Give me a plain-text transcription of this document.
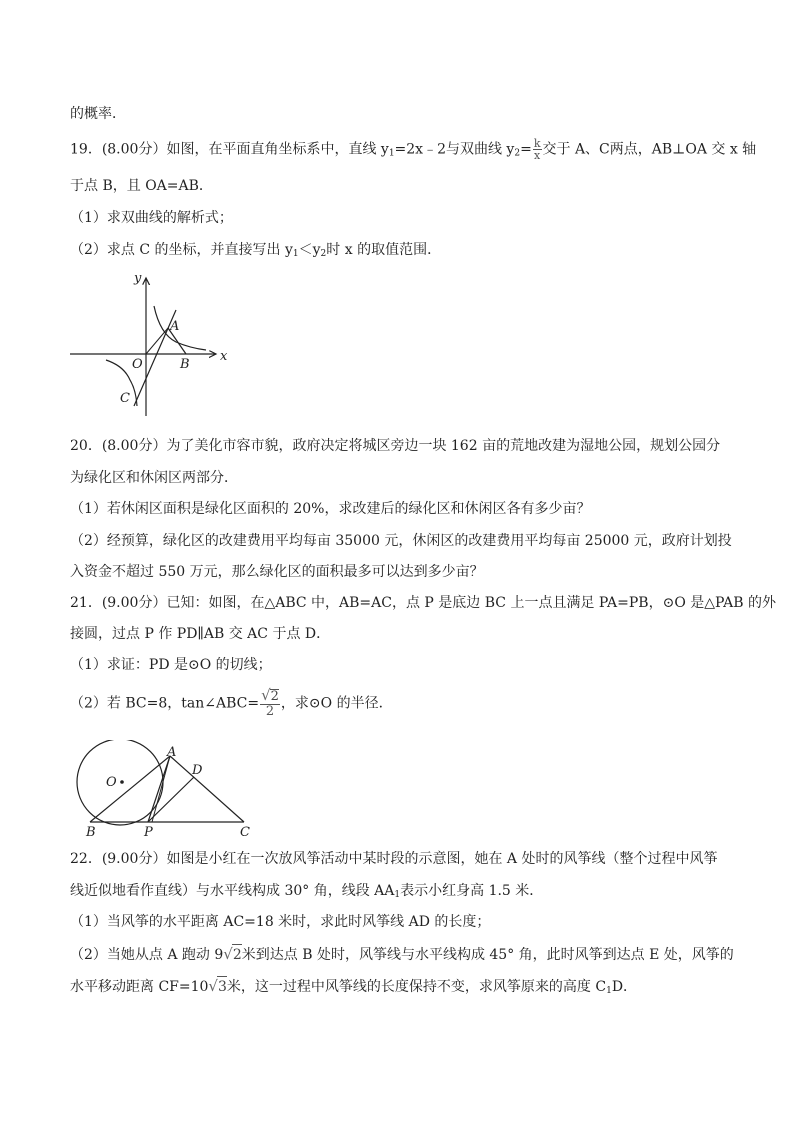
的概率．
19．(8.00分）如图，在平面直角坐标系中，直线 $y_1=2x﹣2$与双曲线 $y_2= \frac{k}{x}$ 交于 A、C两点，AB⊥OA 交 x 轴
于点 B，且 OA=AB．
（1）求双曲线的解析式；
（2）求点 C 的坐标，并直接写出 $y_1<y_2$时 x 的取值范围．
y
x
O
A
B
C
20．(8.00分）为了美化市容市貌，政府决定将城区旁边一块 162 亩的荒地改建为湿地公园，规划公园分
为绿化区和休闲区两部分．
（1）若休闲区面积是绿化区面积的 20%，求改建后的绿化区和休闲区各有多少亩？
（2）经预算，绿化区的改建费用平均每亩 35000 元，休闲区的改建费用平均每亩 25000 元，政府计划投
入资金不超过 550 万元，那么绿化区的面积最多可以达到多少亩？
21．(9.00分）已知：如图，在△ABC 中，AB=AC，点 P 是底边 BC 上一点且满足 PA=PB，⊙O 是△PAB 的外
接圆，过点 P 作 PD∥AB 交 AC 于点 D．
（1）求证：PD 是⊙O 的切线；
（2）若 BC=8，tan∠ABC= $\frac{√2}{2}$ ，求⊙O 的半径．
O
A
D
B	P	C
22．(9.00分）如图是小红在一次放风筝活动中某时段的示意图，她在 A 处时的风筝线（整个过程中风筝
线近似地看作直线）与水平线构成 30° 角，线段 $AA_1$表示小红身高 1.5 米．
（1）当风筝的水平距离 AC=18 米时，求此时风筝线 AD 的长度；
（2）当她从点 A 跑动 9√2米到达点 B 处时，风筝线与水平线构成 45° 角，此时风筝到达点 E 处，风筝的
水平移动距离 CF=10√3米，这一过程中风筝线的长度保持不变，求风筝原来的高度 $C_1D$．
